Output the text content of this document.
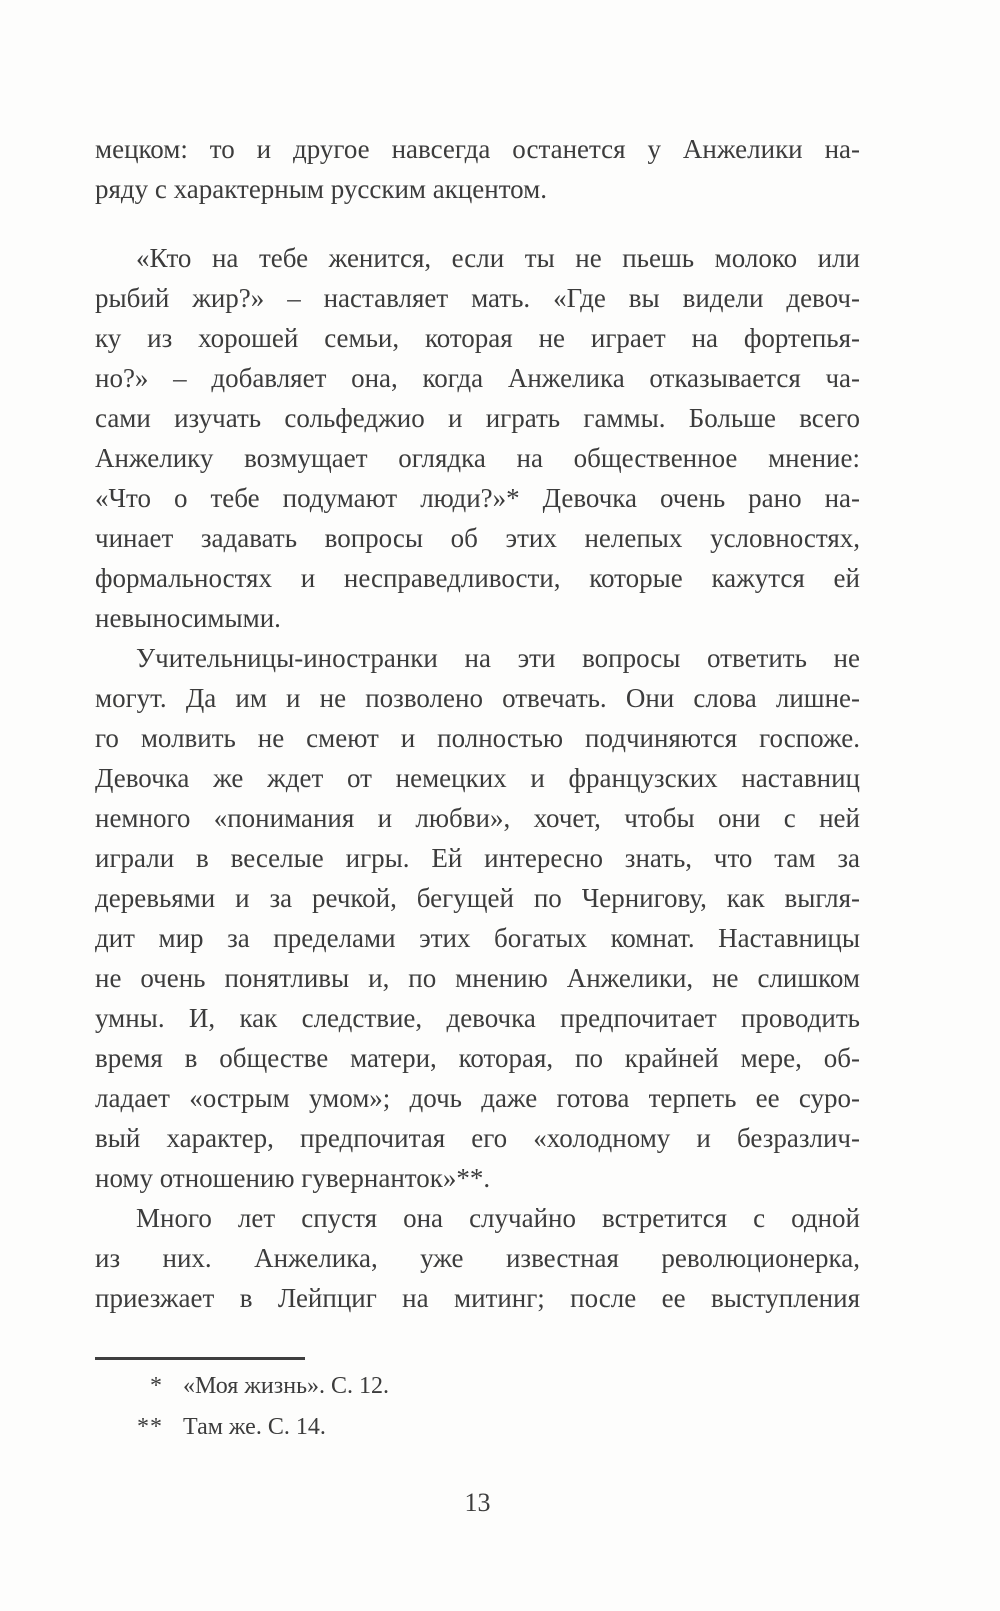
мецком: то и другое навсегда останется у Анжелики на-
ряду с характерным русским акцентом.
«Кто на тебе женится, если ты не пьешь молоко или
рыбий жир?» – наставляет мать. «Где вы видели девоч-
ку из хорошей семьи, которая не играет на фортепья-
но?» – добавляет она, когда Анжелика отказывается ча-
сами изучать сольфеджио и играть гаммы. Больше всего
Анжелику возмущает оглядка на общественное мнение:
«Что о тебе подумают люди?»* Девочка очень рано на-
чинает задавать вопросы об этих нелепых условностях,
формальностях и несправедливости, которые кажутся ей
невыносимыми.
Учительницы-иностранки на эти вопросы ответить не
могут. Да им и не позволено отвечать. Они слова лишне-
го молвить не смеют и полностью подчиняются госпоже.
Девочка же ждет от немецких и французских наставниц
немного «понимания и любви», хочет, чтобы они с ней
играли в веселые игры. Ей интересно знать, что там за
деревьями и за речкой, бегущей по Чернигову, как выгля-
дит мир за пределами этих богатых комнат. Наставницы
не очень понятливы и, по мнению Анжелики, не слишком
умны. И, как следствие, девочка предпочитает проводить
время в обществе матери, которая, по крайней мере, об-
ладает «острым умом»; дочь даже готова терпеть ее суро-
вый характер, предпочитая его «холодному и безразлич-
ному отношению гувернанток»**.
Много лет спустя она случайно встретится с одной
из них. Анжелика, уже известная революционерка,
приезжает в Лейпциг на митинг; после ее выступления
* «Моя жизнь». С. 12.
** Там же. С. 14.
13
